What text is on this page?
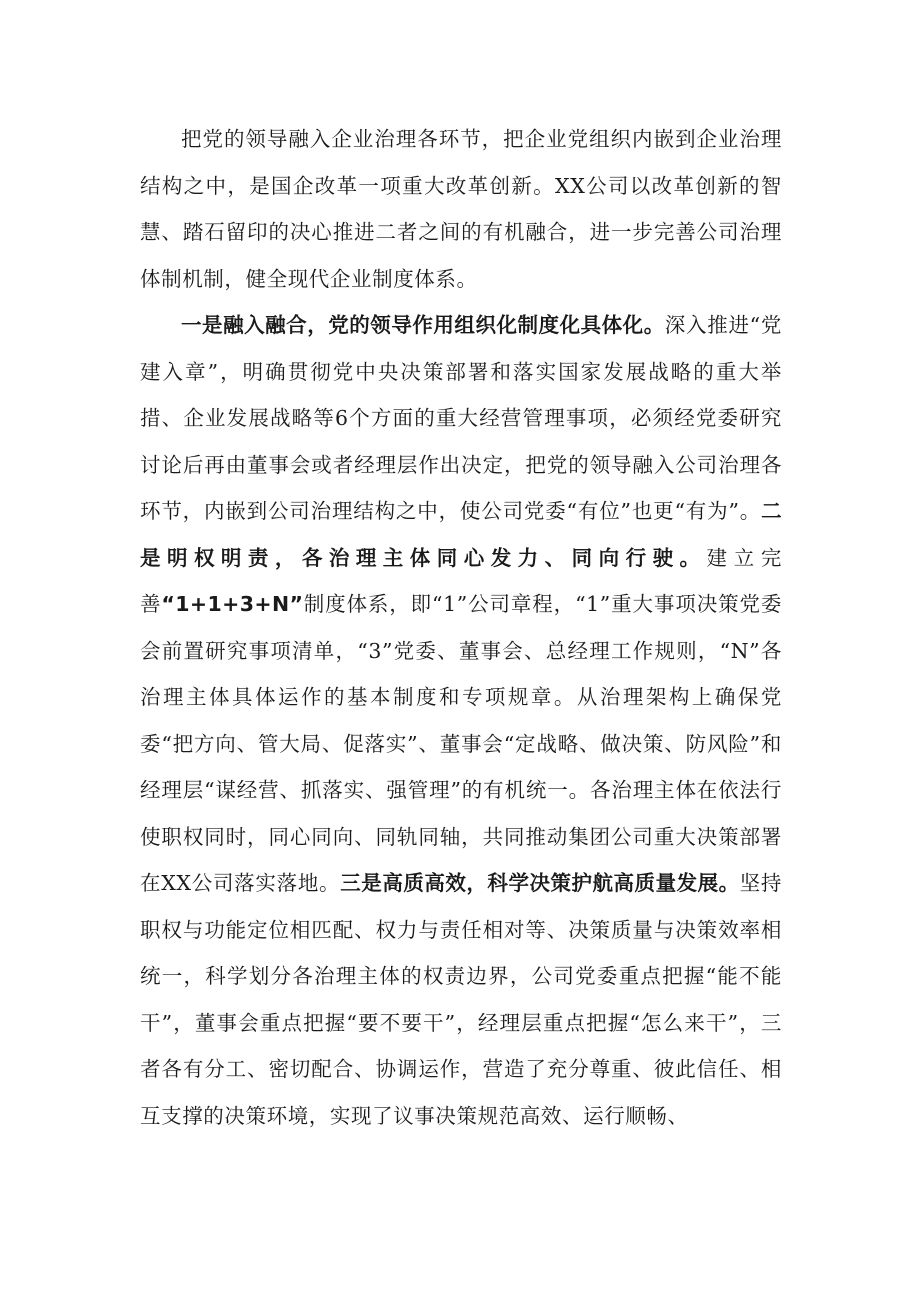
把党的领导融入企业治理各环节，把企业党组织内嵌到企业治理结构之中，是国企改革一项重大改革创新。XX公司以改革创新的智慧、踏石留印的决心推进二者之间的有机融合，进一步完善公司治理体制机制，健全现代企业制度体系。

一是融入融合，党的领导作用组织化制度化具体化。深入推进“党建入章”，明确贯彻党中央决策部署和落实国家发展战略的重大举措、企业发展战略等6个方面的重大经营管理事项，必须经党委研究讨论后再由董事会或者经理层作出决定，把党的领导融入公司治理各环节，内嵌到公司治理结构之中，使公司党委“有位”也更“有为”。二是明权明责，各治理主体同心发力、同向行驶。建立完善“1+1+3+N”制度体系，即“1”公司章程，“1”重大事项决策党委会前置研究事项清单，“3”党委、董事会、总经理工作规则，“N”各治理主体具体运作的基本制度和专项规章。从治理架构上确保党委“把方向、管大局、促落实”、董事会“定战略、做决策、防风险”和经理层“谋经营、抓落实、强管理”的有机统一。各治理主体在依法行使职权同时，同心同向、同轨同轴，共同推动集团公司重大决策部署在XX公司落实落地。三是高质高效，科学决策护航高质量发展。坚持职权与功能定位相匹配、权力与责任相对等、决策质量与决策效率相统一，科学划分各治理主体的权责边界，公司党委重点把握“能不能干”，董事会重点把握“要不要干”，经理层重点把握“怎么来干”，三者各有分工、密切配合、协调运作，营造了充分尊重、彼此信任、相互支撑的决策环境，实现了议事决策规范高效、运行顺畅、
